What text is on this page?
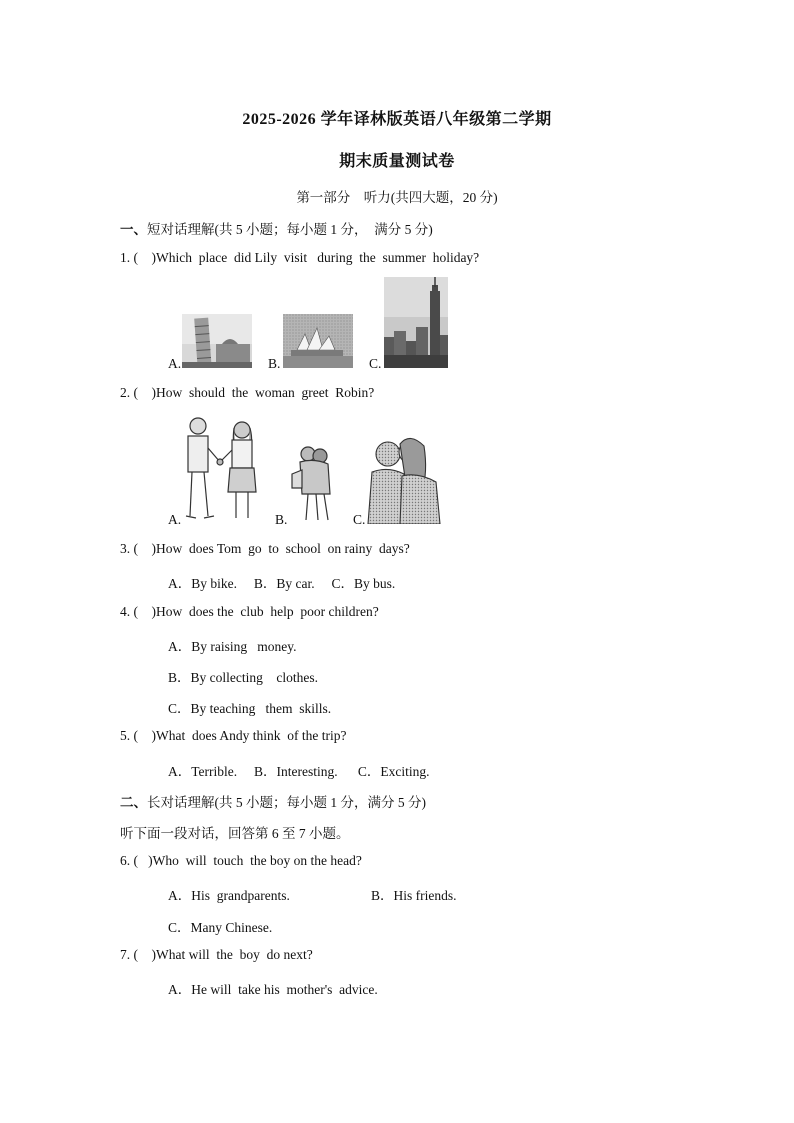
2025-2026 学年译林版英语八年级第二学期
期末质量测试卷
第一部分　听力(共四大题，20 分)
一、短对话理解(共 5 小题；每小题 1 分，  满分 5 分)
1. (    )Which  place  did Lily  visit   during  the  summer  holiday?
A.	B.	C.
2. (    )How  should  the  woman  greet  Robin?
A.	B.	C.
3. (    )How  does Tom  go  to  school  on rainy  days?
A．By bike.     B．By car.     C．By bus.
4. (    )How  does the  club  help  poor children?
A．By raising   money.
B．By collecting    clothes.
C．By teaching   them  skills.
5. (    )What  does Andy think  of the trip?
A．Terrible.     B．Interesting.      C．Exciting.
二、长对话理解(共 5 小题；每小题 1 分，满分 5 分)
听下面一段对话，回答第 6 至 7 小题。
6. (   )Who  will  touch  the boy on the head?
A．His  grandparents.	B．His friends.
C．Many Chinese.
7. (    )What will  the  boy  do next?
A．He will  take his  mother's  advice.
